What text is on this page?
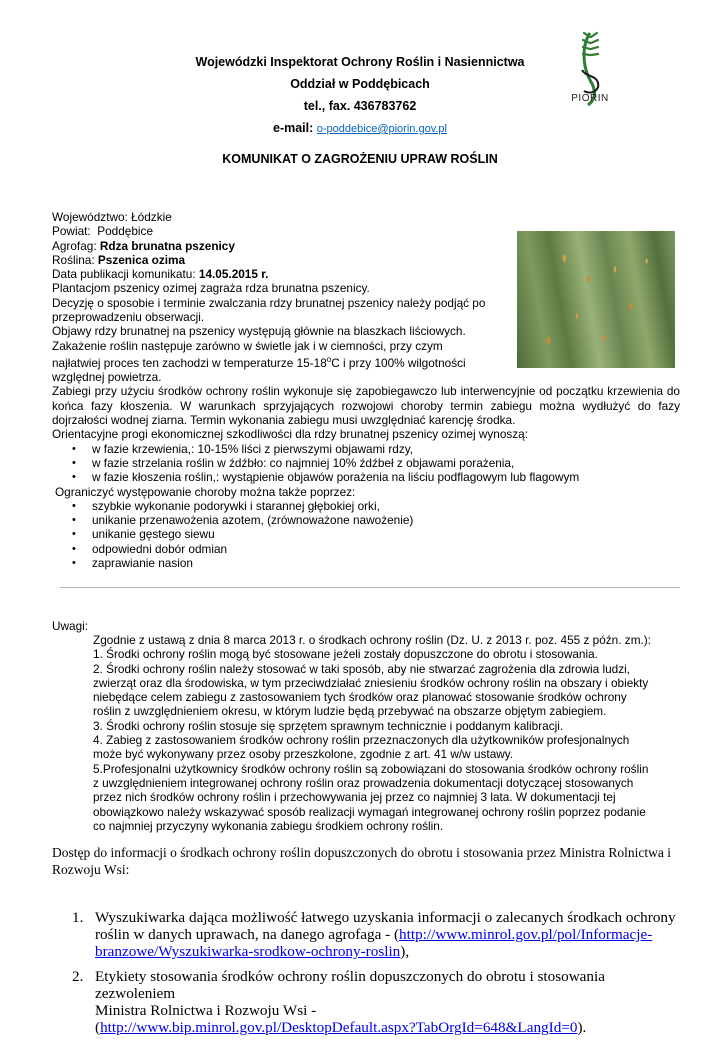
Wojewódzki Inspektorat Ochrony Roślin i Nasiennictwa
Oddział w Poddębicach
tel., fax. 436783762
e-mail: o-poddebice@piorin.gov.pl
PIORIN
KOMUNIKAT O ZAGROŻENIU UPRAW ROŚLIN
Województwo: Łódzkie
Powiat: Poddębice
Agrofag: Rdza brunatna pszenicy
Roślina: Pszenica ozima
Data publikacji komunikatu: 14.05.2015 r.
Plantacjom pszenicy ozimej zagraża rdza brunatna pszenicy.
Decyzję o sposobie i terminie zwalczania rdzy brunatnej pszenicy należy podjąć po
przeprowadzeniu obserwacji.
Objawy rdzy brunatnej na pszenicy występują głównie na blaszkach liściowych.
Zakażenie roślin następuje zarówno w świetle jak i w ciemności, przy czym
najłatwiej proces ten zachodzi w temperaturze 15-18$^o$C i przy 100% wilgotności
względnej powietrza.
Zabiegi przy użyciu środków ochrony roślin wykonuje się zapobiegawczo lub interwencyjnie od początku krzewienia do końca fazy kłoszenia. W warunkach sprzyjających rozwojowi choroby termin zabiegu można wydłużyć do fazy dojrzałości wodnej ziarna. Termin wykonania zabiegu musi uwzględniać karencję środka.
Orientacyjne progi ekonomicznej szkodliwości dla rdzy brunatnej pszenicy ozimej wynoszą:
• w fazie krzewienia,: 10-15% liści z pierwszymi objawami rdzy,
• w fazie strzelania roślin w źdźbło: co najmniej 10% źdźbeł z objawami porażenia,
• w fazie kłoszenia roślin,: wystąpienie objawów porażenia na liściu podflagowym lub flagowym
Ograniczyć występowanie choroby można także poprzez:
• szybkie wykonanie podorywki i starannej głębokiej orki,
• unikanie przenawożenia azotem, (zrównoważone nawożenie)
• unikanie gęstego siewu
• odpowiedni dobór odmian
• zaprawianie nasion
Uwagi:
Zgodnie z ustawą z dnia 8 marca 2013 r. o środkach ochrony roślin (Dz. U. z 2013 r. poz. 455 z późn. zm.):
1. Środki ochrony roślin mogą być stosowane jeżeli zostały dopuszczone do obrotu i stosowania.
2. Środki ochrony roślin należy stosować w taki sposób, aby nie stwarzać zagrożenia dla zdrowia ludzi,
zwierząt oraz dla środowiska, w tym przeciwdziałać zniesieniu środków ochrony roślin na obszary i obiekty
niebędące celem zabiegu z zastosowaniem tych środków oraz planować stosowanie środków ochrony
roślin z uwzględnieniem okresu, w którym ludzie będą przebywać na obszarze objętym zabiegiem.
3. Środki ochrony roślin stosuje się sprzętem sprawnym technicznie i poddanym kalibracji.
4. Zabieg z zastosowaniem środków ochrony roślin przeznaczonych dla użytkowników profesjonalnych
może być wykonywany przez osoby przeszkolone, zgodnie z art. 41 w/w ustawy.
5.Profesjonalni użytkownicy środków ochrony roślin są zobowiązani do stosowania środków ochrony roślin
z uwzględnieniem integrowanej ochrony roślin oraz prowadzenia dokumentacji dotyczącej stosowanych
przez nich środków ochrony roślin i przechowywania jej przez co najmniej 3 lata. W dokumentacji tej
obowiązkowo należy wskazywać sposób realizacji wymagań integrowanej ochrony roślin poprzez podanie
co najmniej przyczyny wykonania zabiegu środkiem ochrony roślin.
Dostęp do informacji o środkach ochrony roślin dopuszczonych do obrotu i stosowania przez Ministra Rolnictwa i Rozwoju Wsi:
1. Wyszukiwarka dająca możliwość łatwego uzyskania informacji o zalecanych środkach ochrony
roślin w danych uprawach, na danego agrofaga - (http://www.minrol.gov.pl/pol/Informacje-
branzowe/Wyszukiwarka-srodkow-ochrony-roslin),
2. Etykiety stosowania środków ochrony roślin dopuszczonych do obrotu i stosowania zezwoleniem
Ministra Rolnictwa i Rozwoju Wsi -
(http://www.bip.minrol.gov.pl/DesktopDefault.aspx?TabOrgId=648&LangId=0).
